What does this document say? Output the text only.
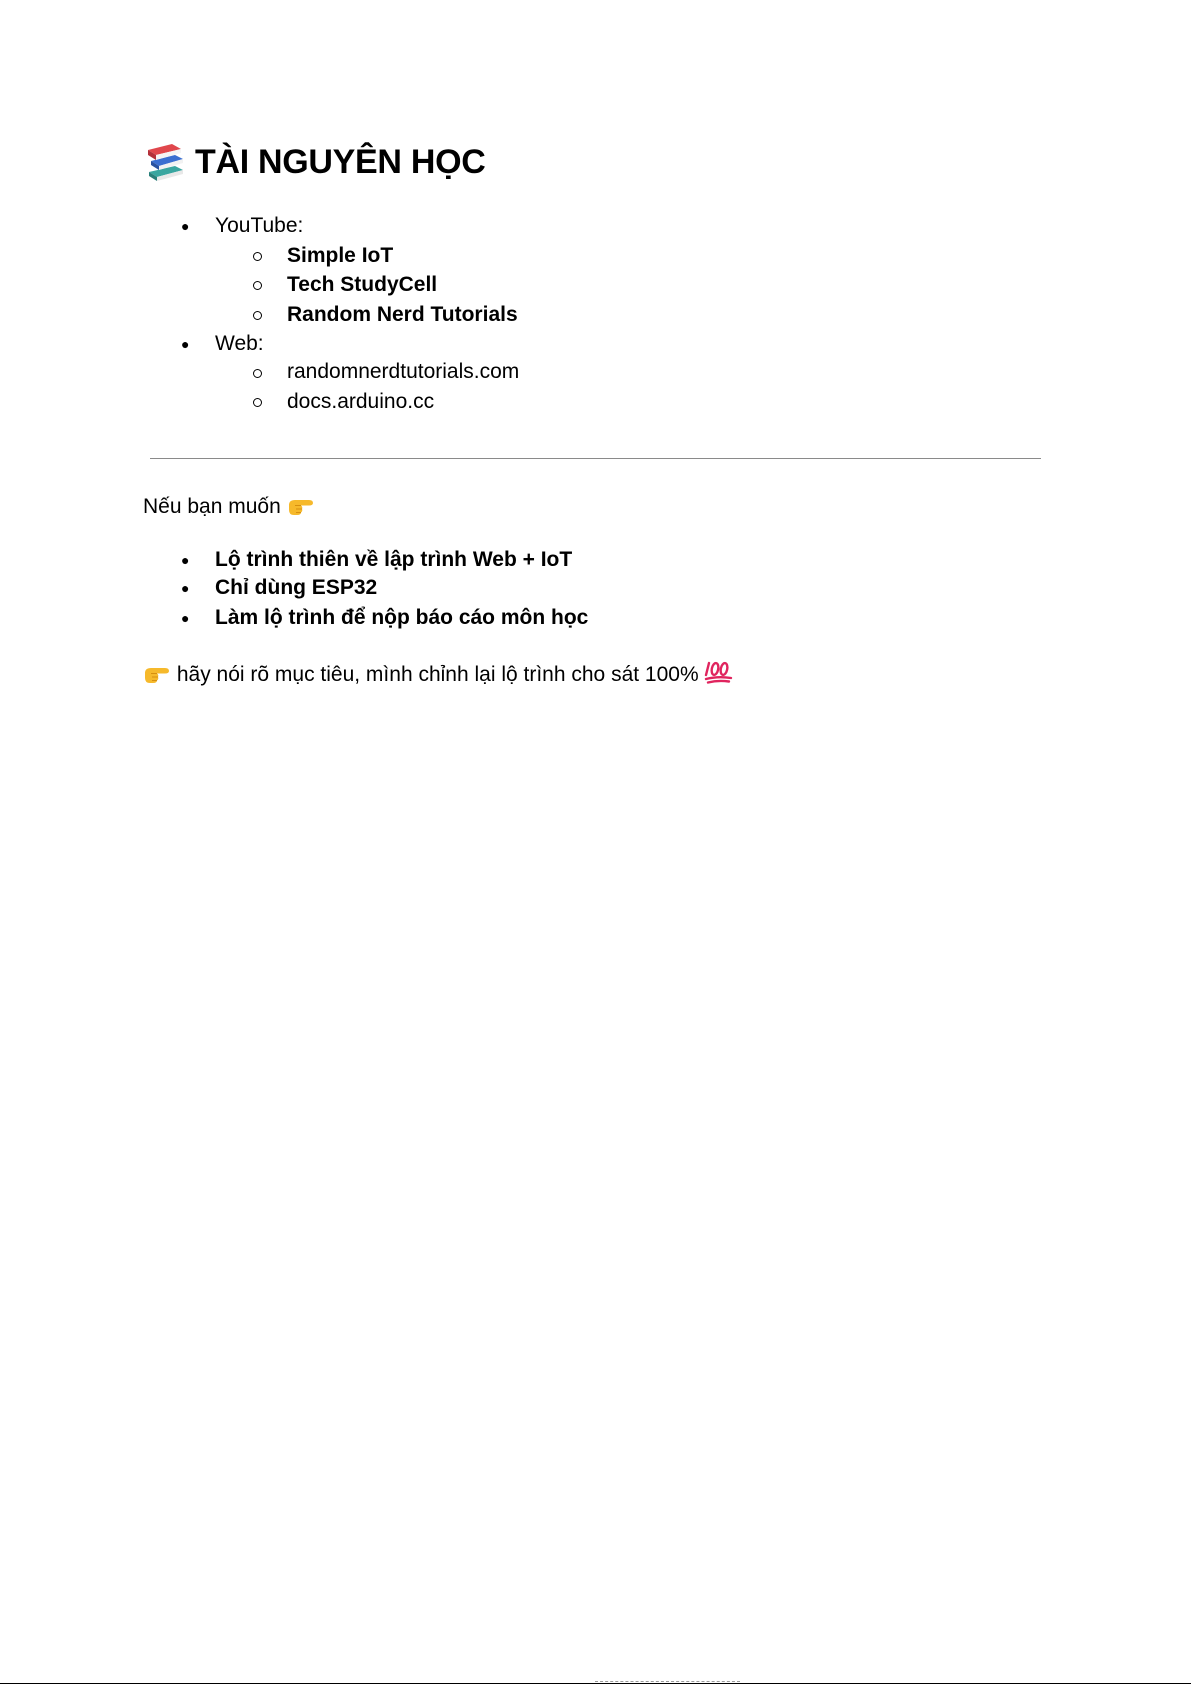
TÀI NGUYÊN HỌC
● YouTube:
Simple IoT
Tech StudyCell
Random Nerd Tutorials
● Web:
randomnerdtutorials.com
docs.arduino.cc
Nếu bạn muốn
● Lộ trình thiên về lập trình Web + IoT
● Chỉ dùng ESP32
● Làm lộ trình để nộp báo cáo môn học
hãy nói rõ mục tiêu, mình chỉnh lại lộ trình cho sát 100%
